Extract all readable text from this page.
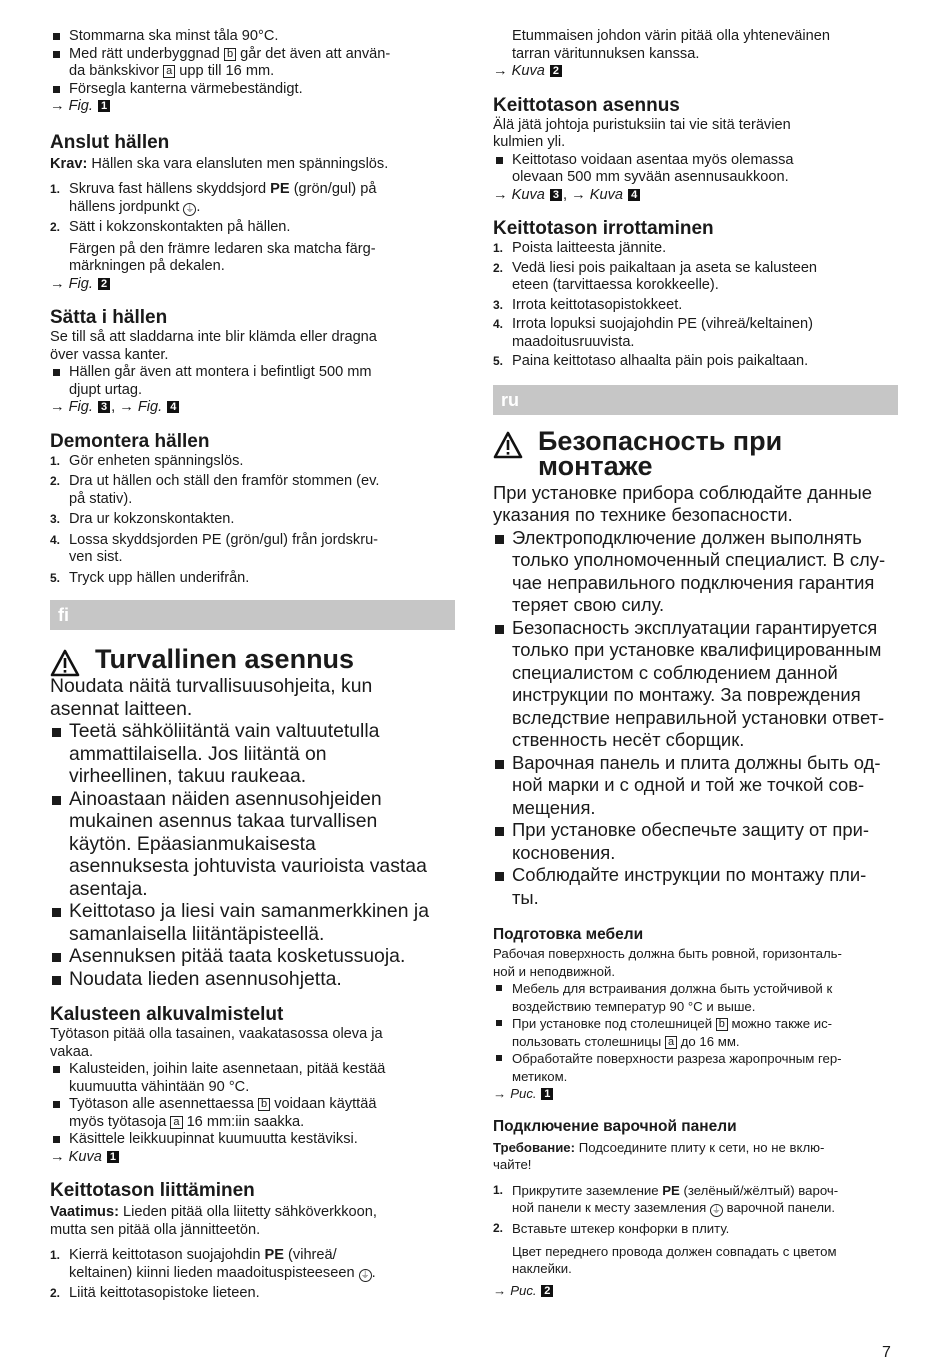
Stommarna ska minst tåla 90°C.
Med rätt underbyggnad b går det även att använ-
da bänkskivor a upp till 16 mm.
Försegla kanterna värmebeständigt.
→ Fig. 1
Anslut hällen

Krav: Hällen ska vara elansluten men spänningslös.

1. Skruva fast hällens skyddsjord PE (grön/gul) på
hällens jordpunkt ⏚ .
2. Sätt i kokzonskontakten på hällen.
Färgen på den främre ledaren ska matcha färg-
märkningen på dekalen.
→ Fig. 2
Sätta i hällen

Se till så att sladdarna inte blir klämda eller dragna
över vassa kanter.

Hällen går även att montera i befintligt 500 mm
djupt urtag.
→ Fig. 3 , → Fig. 4
Demontera hällen
1. Gör enheten spänningslös.
2. Dra ut hällen och ställ den framför stommen (ev.
på stativ).
3. Dra ur kokzonskontakten.
4. Lossa skyddsjorden PE (grön/gul) från jordskru-
ven sist.
5. Tryck upp hällen underifrån.
fi
Turvallinen asennus

Noudata näitä turvallisuusohjeita, kun
asennat laitteen.

Teetä sähköliitäntä vain valtuutetulla
ammattilaisella. Jos liitäntä on
virheellinen, takuu raukeaa.
Ainoastaan näiden asennusohjeiden
mukainen asennus takaa turvallisen
käytön. Epäasianmukaisesta
asennuksesta johtuvista vaurioista vastaa
asentaja.
Keittotaso ja liesi vain samanmerkkinen ja
samanlaisella liitäntäpisteellä.
Asennuksen pitää taata kosketussuoja.
Noudata lieden asennusohjetta.
Kalusteen alkuvalmistelut

Työtason pitää olla tasainen, vaakatasossa oleva ja
vakaa.

Kalusteiden, joihin laite asennetaan, pitää kestää
kuumuutta vähintään 90 °C.
Työtason alle asennettaessa b voidaan käyttää
myös työtasoja a 16 mm:iin saakka.
Käsittele leikkuupinnat kuumuutta kestäviksi.
→ Kuva 1
Keittotason liittäminen

Vaatimus: Lieden pitää olla liitetty sähköverkkoon,
mutta sen pitää olla jännitteetön.

1. Kierrä keittotason suojajohdin PE (vihreä/
keltainen) kiinni lieden maadoituspisteeseen ⏚ .
2. Liitä keittotasopistoke lieteen.
Etummaisen johdon värin pitää olla yhteneväinen
tarran väritunnuksen kanssa.
→ Kuva 2
Keittotason asennus

Älä jätä johtoja puristuksiin tai vie sitä terävien
kulmien yli.

Keittotaso voidaan asentaa myös olemassa
olevaan 500 mm syvään asennusaukkoon.
→ Kuva 3 , → Kuva 4
Keittotason irrottaminen
1. Poista laitteesta jännite.
2. Vedä liesi pois paikaltaan ja aseta se kalusteen
eteen (tarvittaessa korokkeelle).
3. Irrota keittotasopistokkeet.
4. Irrota lopuksi suojajohdin PE (vihreä/keltainen)
maadoitusruuvista.
5. Paina keittotaso alhaalta päin pois paikaltaan.
ru
Безопасность при
монтаже

При установке прибора соблюдайте данные
указания по технике безопасности.

Электроподключение должен выполнять
только уполномоченный специалист. В слу-
чае неправильного подключения гарантия
теряет свою силу.
Безопасность эксплуатации гарантируется
только при установке квалифицированным
специалистом с соблюдением данной
инструкции по монтажу. За повреждения
вследствие неправильной установки ответ-
ственность несёт сборщик.
Варочная панель и плита должны быть од-
ной марки и с одной и той же точкой сов-
мещения.
При установке обеспечьте защиту от при-
косновения.
Соблюдайте инструкции по монтажу пли-
ты.
Подготовка мебели

Рабочая поверхность должна быть ровной, горизонталь-
ной и неподвижной.

Мебель для встраивания должна быть устойчивой к
воздействию температур 90 °C и выше.
При установке под столешницей b можно также ис-
пользовать столешницы a до 16 мм.
Обработайте поверхности разреза жаропрочным гер-
метиком.
→ Рис. 1
Подключение варочной панели

Требование: Подсоедините плиту к сети, но не вклю-
чайте!

1. Прикрутите заземление PE (зелёный/жёлтый) вароч-
ной панели к месту заземления ⏚ варочной панели.
2. Вставьте штекер конфорки в плиту.
Цвет переднего провода должен совпадать с цветом
наклейки.
→ Рис. 2
7
